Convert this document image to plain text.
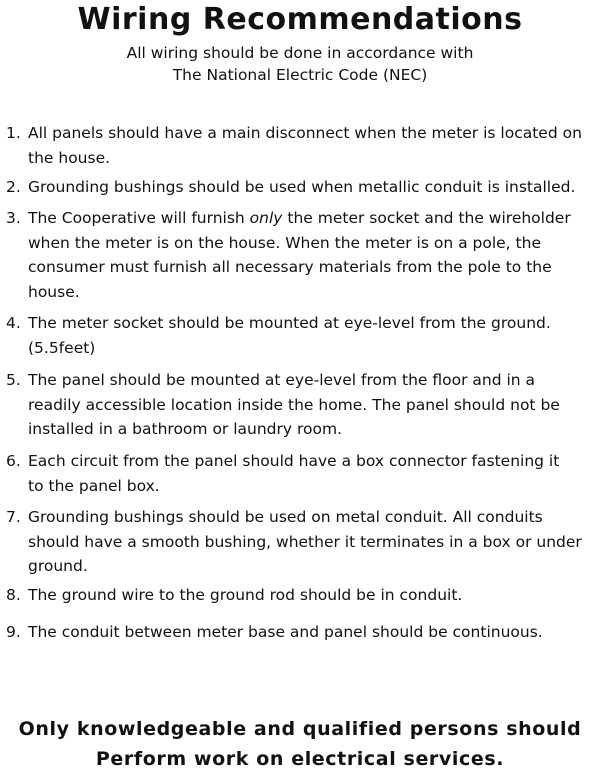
Wiring Recommendations

All wiring should be done in accordance with

The National Electric Code (NEC)

1. All panels should have a main disconnect when the meter is located on
the house.
2. Grounding bushings should be used when metallic conduit is installed.
3. The Cooperative will furnish only the meter socket and the wireholder
when the meter is on the house. When the meter is on a pole, the
consumer must furnish all necessary materials from the pole to the
house.
4. The meter socket should be mounted at eye-level from the ground.
(5.5feet)
5. The panel should be mounted at eye-level from the floor and in a
readily accessible location inside the home. The panel should not be
installed in a bathroom or laundry room.
6. Each circuit from the panel should have a box connector fastening it
to the panel box.
7. Grounding bushings should be used on metal conduit. All conduits
should have a smooth bushing, whether it terminates in a box or under
ground.
8. The ground wire to the ground rod should be in conduit.
9. The conduit between meter base and panel should be continuous.

Only knowledgeable and qualified persons should

Perform work on electrical services.
